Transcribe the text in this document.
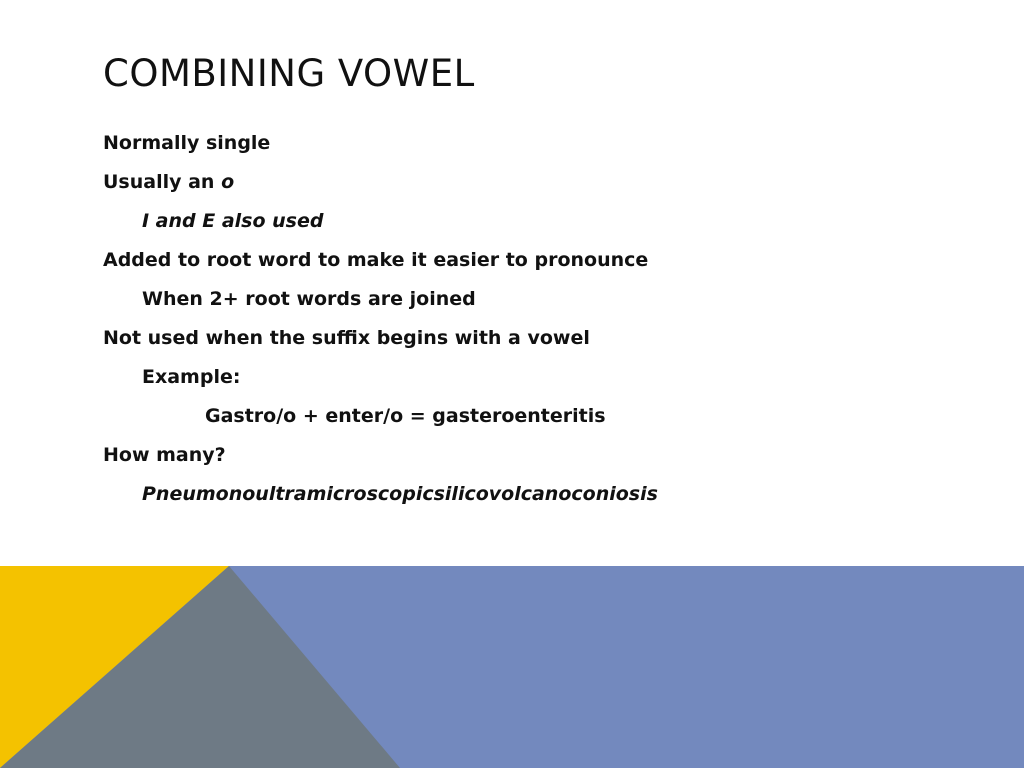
COMBINING VOWEL
Normally single
Usually an o
I and E also used
Added to root word to make it easier to pronounce
When 2+ root words are joined
Not used when the suffix begins with a vowel
Example:
Gastro/o + enter/o = gasteroenteritis
How many?
Pneumonoultramicroscopicsilicovolcanoconiosis
